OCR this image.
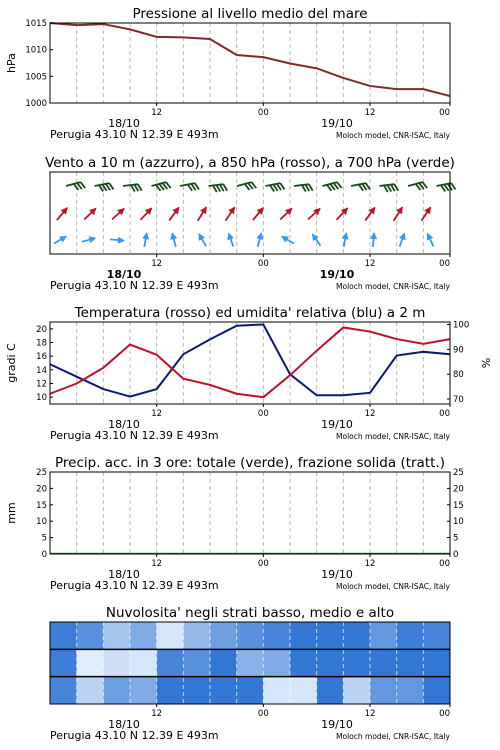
Pressione al livello medio del mare
12	00	12	00
18/10	19/10
Perugia 43.10 N 12.39 E 493m	Moloch model, CNR-ISAC, Italy
1015
1010
1005
1000
hPa
Vento a 10 m (azzurro), a 850 hPa (rosso), a 700 hPa (verde)
12	00	12	00
18/10	19/10
Perugia 43.10 N 12.39 E 493m	Moloch model, CNR-ISAC, Italy
Temperatura (rosso) ed umidita' relativa (blu) a 2 m
12	00	12	00
18/10	19/10
Perugia 43.10 N 12.39 E 493m	Moloch model, CNR-ISAC, Italy
20
18
16
14
12
10
100
90
80
70
gradi C	%
Precip. acc. in 3 ore: totale (verde), frazione solida (tratt.)
12	00	12	00
18/10	19/10
Perugia 43.10 N 12.39 E 493m	Moloch model, CNR-ISAC, Italy
25
20
15
10
5
0
25
20
15
10
5
0
mm
Nuvolosita' negli strati basso, medio e alto
12	00	12	00
18/10	19/10
Perugia 43.10 N 12.39 E 493m	Moloch model, CNR-ISAC, Italy
